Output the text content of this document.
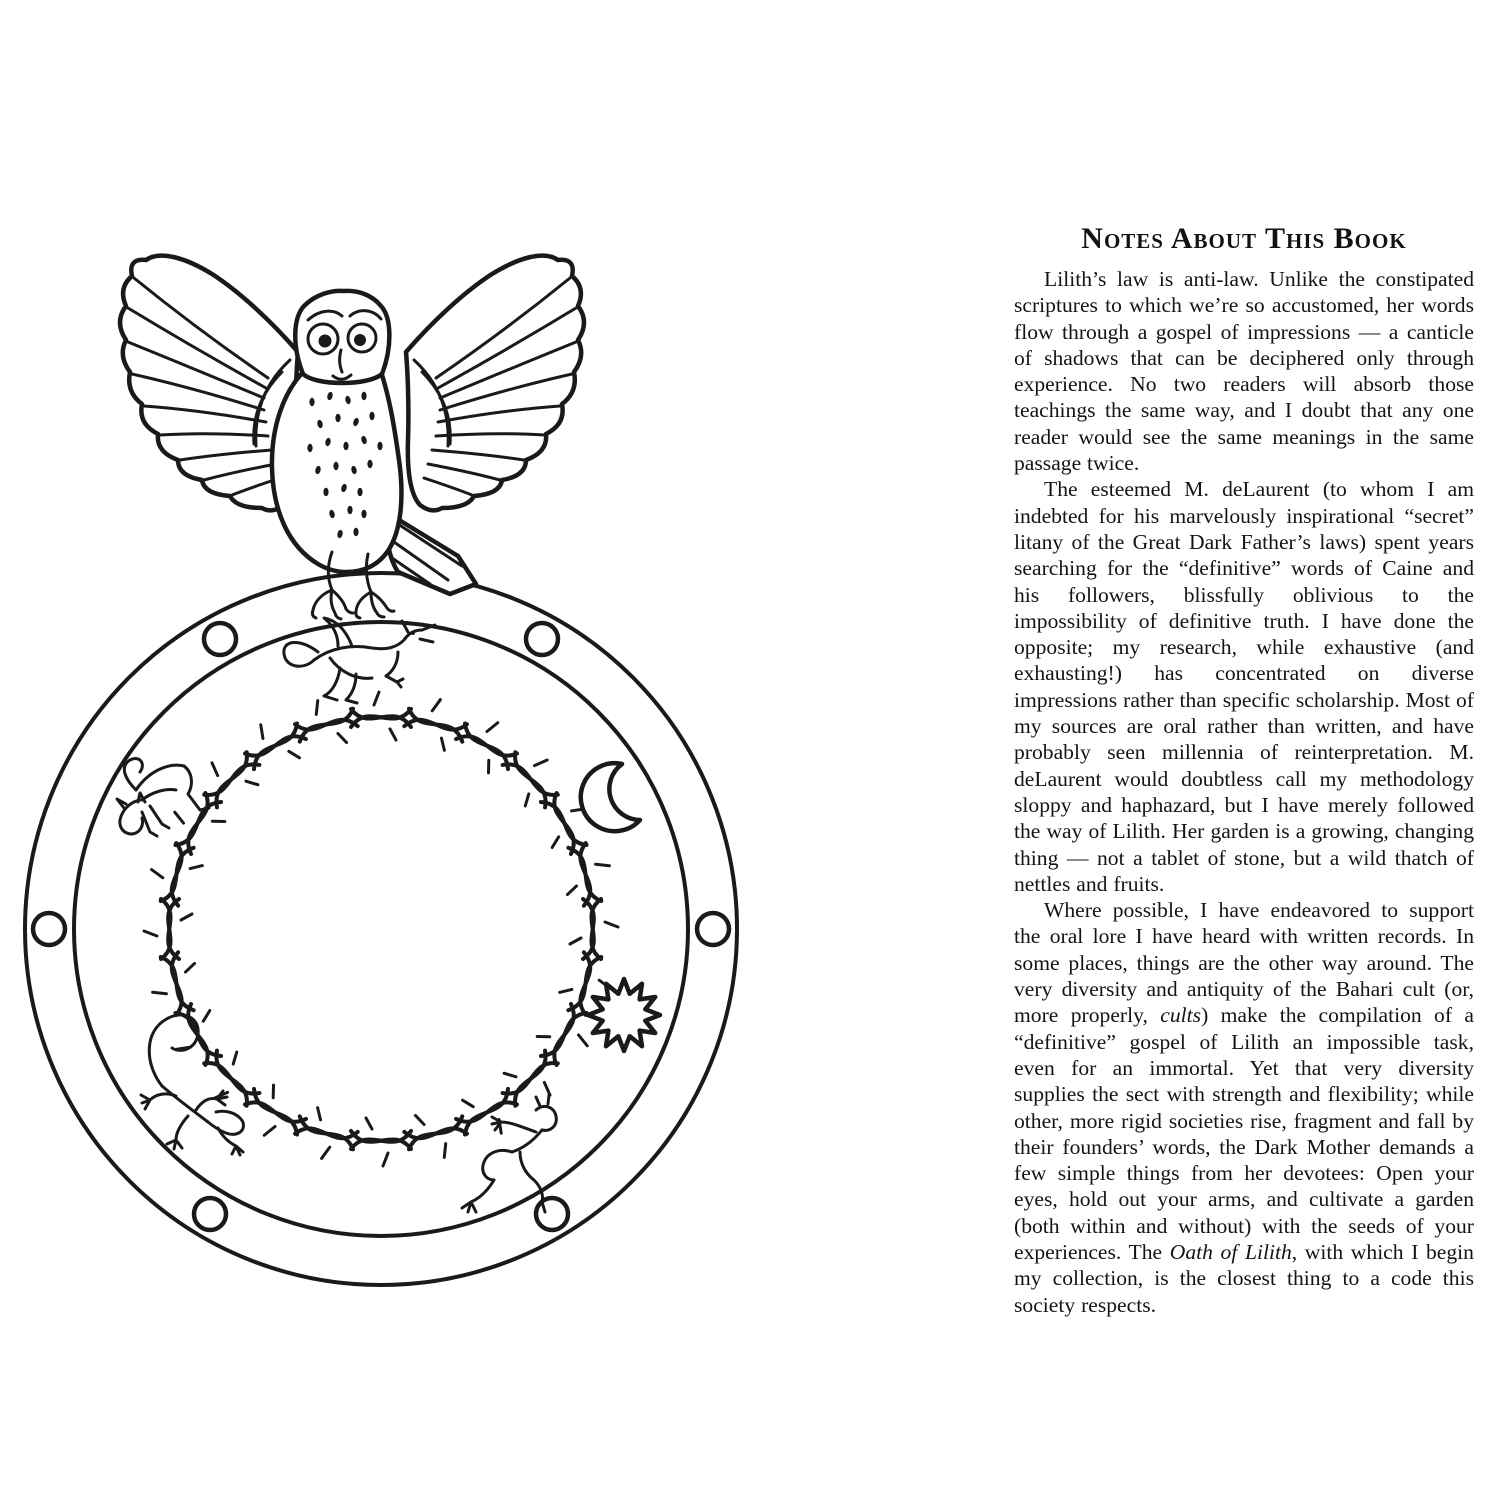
Notes About This Book

Lilith’s law is anti-law. Unlike the constipated scriptures to which we’re so accustomed, her words flow through a gospel of impressions — a canticle of shadows that can be deciphered only through experience. No two readers will absorb those teachings the same way, and I doubt that any one reader would see the same meanings in the same passage twice.

The esteemed M. deLaurent (to whom I am indebted for his marvelously inspirational “secret” litany of the Great Dark Father’s laws) spent years searching for the “definitive” words of Caine and his followers, blissfully oblivious to the impossibility of definitive truth. I have done the opposite; my research, while exhaustive (and exhausting!) has concentrated on diverse impressions rather than specific scholarship. Most of my sources are oral rather than written, and have probably seen millennia of reinterpretation. M. deLaurent would doubtless call my methodology sloppy and haphazard, but I have merely followed the way of Lilith. Her garden is a growing, changing thing — not a tablet of stone, but a wild thatch of nettles and fruits.

Where possible, I have endeavored to support the oral lore I have heard with written records. In some places, things are the other way around. The very diversity and antiquity of the Bahari cult (or, more properly, cults) make the compilation of a “definitive” gospel of Lilith an impossible task, even for an immortal. Yet that very diversity supplies the sect with strength and flexibility; while other, more rigid societies rise, fragment and fall by their founders’ words, the Dark Mother demands a few simple things from her devotees: Open your eyes, hold out your arms, and cultivate a garden (both within and without) with the seeds of your experiences. The Oath of Lilith, with which I begin my collection, is the closest thing to a code this society respects.
